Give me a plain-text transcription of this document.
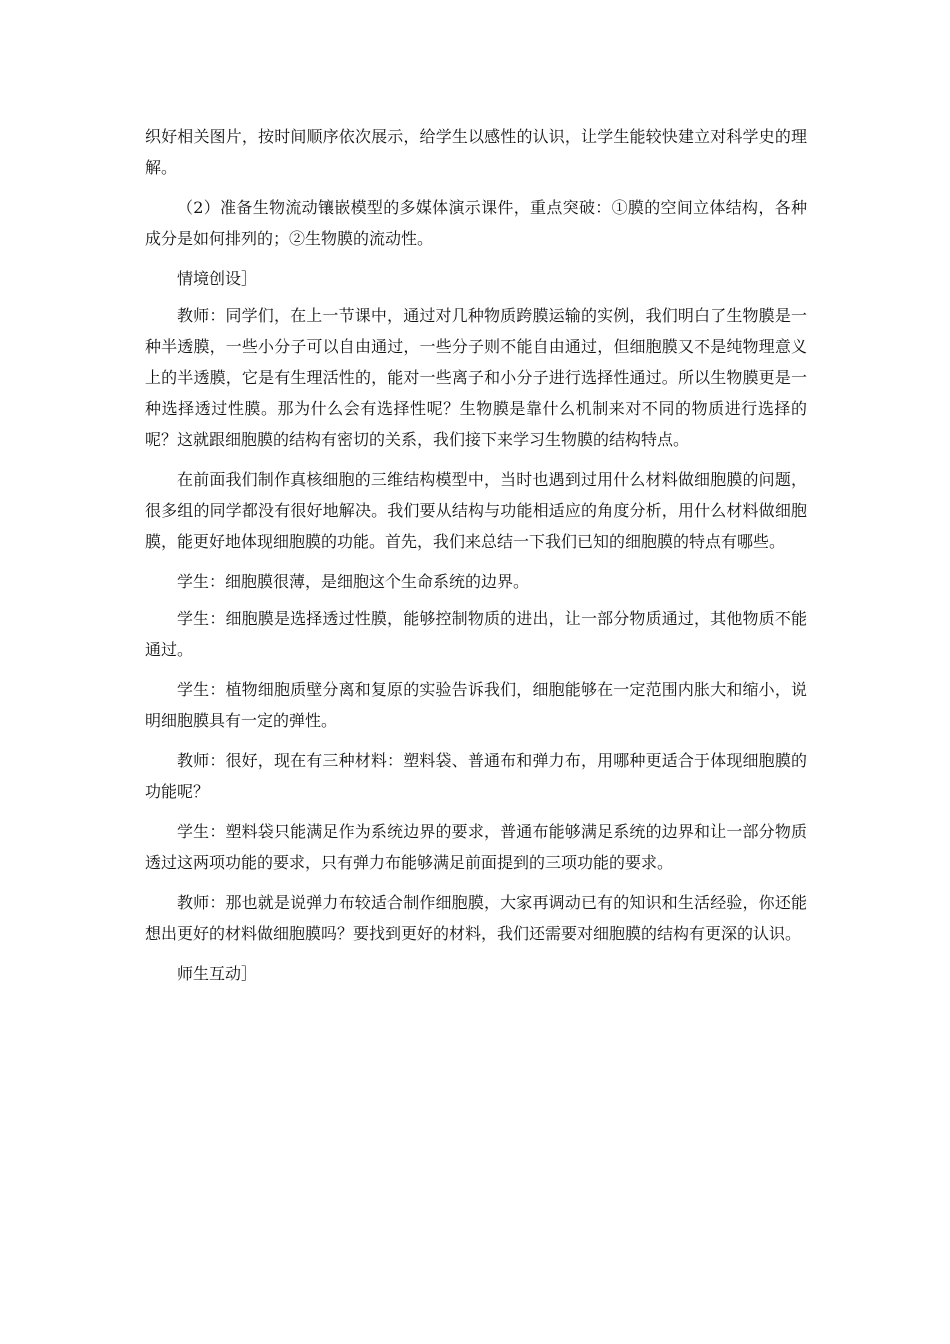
织好相关图片，按时间顺序依次展示，给学生以感性的认识，让学生能较快建立对科学史的理解。

（2）准备生物流动镶嵌模型的多媒体演示课件，重点突破：①膜的空间立体结构，各种成分是如何排列的；②生物膜的流动性。

情境创设］

教师：同学们，在上一节课中，通过对几种物质跨膜运输的实例，我们明白了生物膜是一种半透膜，一些小分子可以自由通过，一些分子则不能自由通过，但细胞膜又不是纯物理意义上的半透膜，它是有生理活性的，能对一些离子和小分子进行选择性通过。所以生物膜更是一种选择透过性膜。那为什么会有选择性呢？生物膜是靠什么机制来对不同的物质进行选择的呢？这就跟细胞膜的结构有密切的关系，我们接下来学习生物膜的结构特点。

在前面我们制作真核细胞的三维结构模型中，当时也遇到过用什么材料做细胞膜的问题，很多组的同学都没有很好地解决。我们要从结构与功能相适应的角度分析，用什么材料做细胞膜，能更好地体现细胞膜的功能。首先，我们来总结一下我们已知的细胞膜的特点有哪些。

学生：细胞膜很薄，是细胞这个生命系统的边界。

学生：细胞膜是选择透过性膜，能够控制物质的进出，让一部分物质通过，其他物质不能通过。

学生：植物细胞质壁分离和复原的实验告诉我们，细胞能够在一定范围内胀大和缩小，说明细胞膜具有一定的弹性。

教师：很好，现在有三种材料：塑料袋、普通布和弹力布，用哪种更适合于体现细胞膜的功能呢？

学生：塑料袋只能满足作为系统边界的要求，普通布能够满足系统的边界和让一部分物质透过这两项功能的要求，只有弹力布能够满足前面提到的三项功能的要求。

教师：那也就是说弹力布较适合制作细胞膜，大家再调动已有的知识和生活经验，你还能想出更好的材料做细胞膜吗？要找到更好的材料，我们还需要对细胞膜的结构有更深的认识。

师生互动］
